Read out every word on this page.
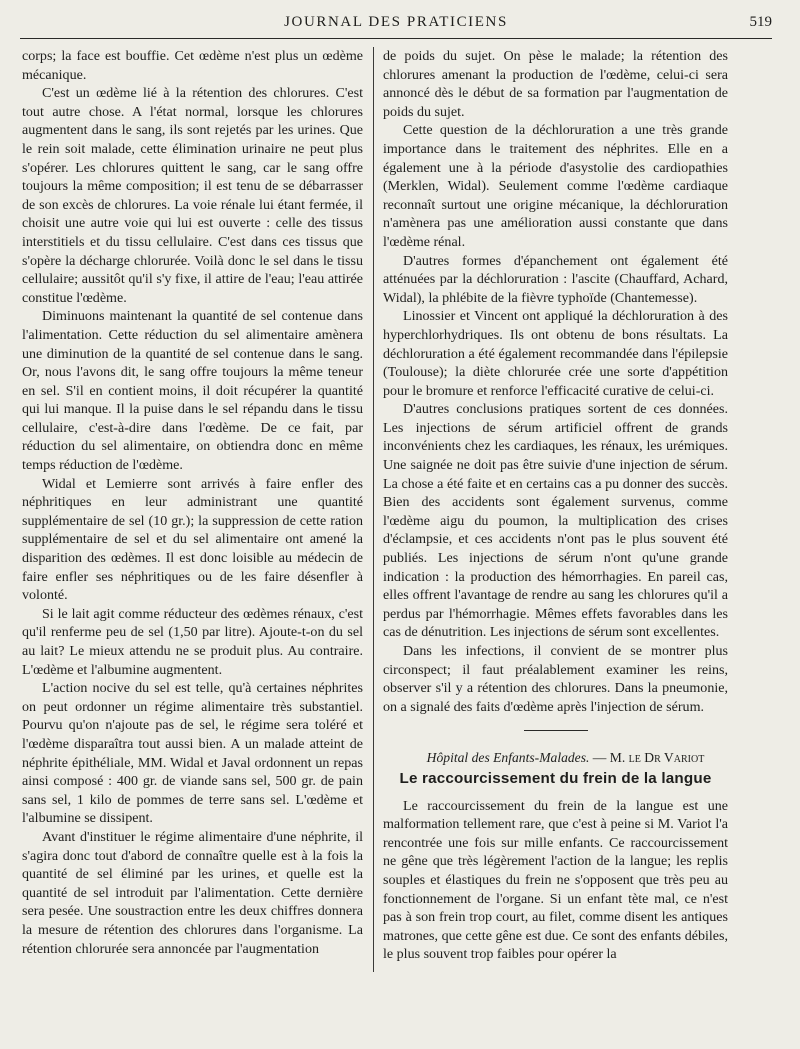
JOURNAL DES PRATICIENS	519

corps; la face est bouffie. Cet œdème n'est plus un œdème mécanique.

C'est un œdème lié à la rétention des chlorures. C'est tout autre chose. A l'état normal, lorsque les chlorures augmentent dans le sang, ils sont rejetés par les urines. Que le rein soit malade, cette élimination urinaire ne peut plus s'opérer. Les chlorures quittent le sang, car le sang offre toujours la même composition; il est tenu de se débarrasser de son excès de chlorures. La voie rénale lui étant fermée, il choisit une autre voie qui lui est ouverte : celle des tissus interstitiels et du tissu cellulaire. C'est dans ces tissus que s'opère la décharge chlorurée. Voilà donc le sel dans le tissu cellulaire; aussitôt qu'il s'y fixe, il attire de l'eau; l'eau attirée constitue l'œdème.

Diminuons maintenant la quantité de sel contenue dans l'alimentation. Cette réduction du sel alimentaire amènera une diminution de la quantité de sel contenue dans le sang. Or, nous l'avons dit, le sang offre toujours la même teneur en sel. S'il en contient moins, il doit récupérer la quantité qui lui manque. Il la puise dans le sel répandu dans le tissu cellulaire, c'est-à-dire dans l'œdème. De ce fait, par réduction du sel alimentaire, on obtiendra donc en même temps réduction de l'œdème.

Widal et Lemierre sont arrivés à faire enfler des néphritiques en leur administrant une quantité supplémentaire de sel (10 gr.); la suppression de cette ration supplémentaire de sel et du sel alimentaire ont amené la disparition des œdèmes. Il est donc loisible au médecin de faire enfler ses néphritiques ou de les faire désenfler à volonté.

Si le lait agit comme réducteur des œdèmes rénaux, c'est qu'il renferme peu de sel (1,50 par litre). Ajoute-t-on du sel au lait? Le mieux attendu ne se produit plus. Au contraire. L'œdème et l'albumine augmentent.

L'action nocive du sel est telle, qu'à certaines néphrites on peut ordonner un régime alimentaire très substantiel. Pourvu qu'on n'ajoute pas de sel, le régime sera toléré et l'œdème disparaîtra tout aussi bien. A un malade atteint de néphrite épithéliale, MM. Widal et Javal ordonnent un repas ainsi composé : 400 gr. de viande sans sel, 500 gr. de pain sans sel, 1 kilo de pommes de terre sans sel. L'œdème et l'albumine se dissipent.

Avant d'instituer le régime alimentaire d'une néphrite, il s'agira donc tout d'abord de connaître quelle est à la fois la quantité de sel éliminé par les urines, et quelle est la quantité de sel introduit par l'alimentation. Cette dernière sera pesée. Une soustraction entre les deux chiffres donnera la mesure de rétention des chlorures dans l'organisme. La rétention chlorurée sera annoncée par l'augmentation

de poids du sujet. On pèse le malade; la rétention des chlorures amenant la production de l'œdème, celui-ci sera annoncé dès le début de sa formation par l'augmentation de poids du sujet.

Cette question de la déchloruration a une très grande importance dans le traitement des néphrites. Elle en a également une à la période d'asystolie des cardiopathies (Merklen, Widal). Seulement comme l'œdème cardiaque reconnaît surtout une origine mécanique, la déchloruration n'amènera pas une amélioration aussi constante que dans l'œdème rénal.

D'autres formes d'épanchement ont également été atténuées par la déchloruration : l'ascite (Chauffard, Achard, Widal), la phlébite de la fièvre typhoïde (Chantemesse).

Linossier et Vincent ont appliqué la déchloruration à des hyperchlorhydriques. Ils ont obtenu de bons résultats. La déchloruration a été également recommandée dans l'épilepsie (Toulouse); la diète chlorurée crée une sorte d'appétition pour le bromure et renforce l'efficacité curative de celui-ci.

D'autres conclusions pratiques sortent de ces données. Les injections de sérum artificiel offrent de grands inconvénients chez les cardiaques, les rénaux, les urémiques. Une saignée ne doit pas être suivie d'une injection de sérum. La chose a été faite et en certains cas a pu donner des succès. Bien des accidents sont également survenus, comme l'œdème aigu du poumon, la multiplication des crises d'éclampsie, et ces accidents n'ont pas le plus souvent été publiés. Les injections de sérum n'ont qu'une grande indication : la production des hémorrhagies. En pareil cas, elles offrent l'avantage de rendre au sang les chlorures qu'il a perdus par l'hémorrhagie. Mêmes effets favorables dans les cas de dénutrition. Les injections de sérum sont excellentes.

Dans les infections, il convient de se montrer plus circonspect; il faut préalablement examiner les reins, observer s'il y a rétention des chlorures. Dans la pneumonie, on a signalé des faits d'œdème après l'injection de sérum.

Hôpital des Enfants-Malades. — M. le Dr Variot

Le raccourcissement du frein de la langue

Le raccourcissement du frein de la langue est une malformation tellement rare, que c'est à peine si M. Variot l'a rencontrée une fois sur mille enfants. Ce raccourcissement ne gêne que très légèrement l'action de la langue; les replis souples et élastiques du frein ne s'opposent que très peu au fonctionnement de l'organe. Si un enfant tète mal, ce n'est pas à son frein trop court, au filet, comme disent les antiques matrones, que cette gêne est due. Ce sont des enfants débiles, le plus souvent trop faibles pour opérer la
